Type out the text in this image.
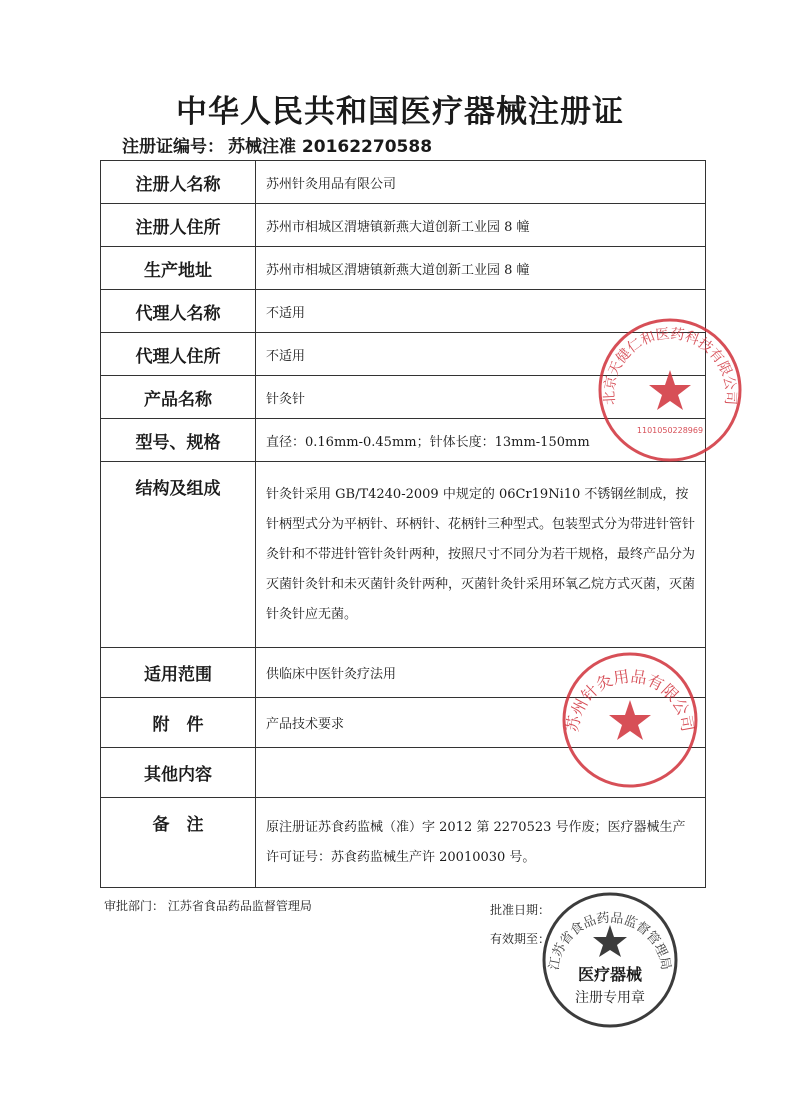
中华人民共和国医疗器械注册证
注册证编号： 苏械注准 20162270588
注册人名称	苏州针灸用品有限公司
注册人住所	苏州市相城区渭塘镇新燕大道创新工业园 8 幢
生产地址	苏州市相城区渭塘镇新燕大道创新工业园 8 幢
代理人名称	不适用
代理人住所	不适用
产品名称	针灸针
型号、规格	直径：0.16mm-0.45mm；针体长度：13mm-150mm
结构及组成	针灸针采用 GB/T4240-2009 中规定的 06Cr19Ni10 不锈钢丝制成，按针柄型式分为平柄针、环柄针、花柄针三种型式。包装型式分为带进针管针灸针和不带进针管针灸针两种，按照尺寸不同分为若干规格，最终产品分为灭菌针灸针和未灭菌针灸针两种，灭菌针灸针采用环氧乙烷方式灭菌，灭菌针灸针应无菌。
适用范围	供临床中医针灸疗法用
附　件	产品技术要求
其他内容	
备　注	原注册证苏食药监械（准）字 2012 第 2270523 号作废；医疗器械生产许可证号：苏食药监械生产许 20010030 号。
审批部门： 江苏省食品药品监督管理局	批准日期：
有效期至：
北京天健仁和医药科技有限公司
1101050228969
苏州针灸用品有限公司
江苏省食品药品监督管理局
医疗器械
注册专用章
